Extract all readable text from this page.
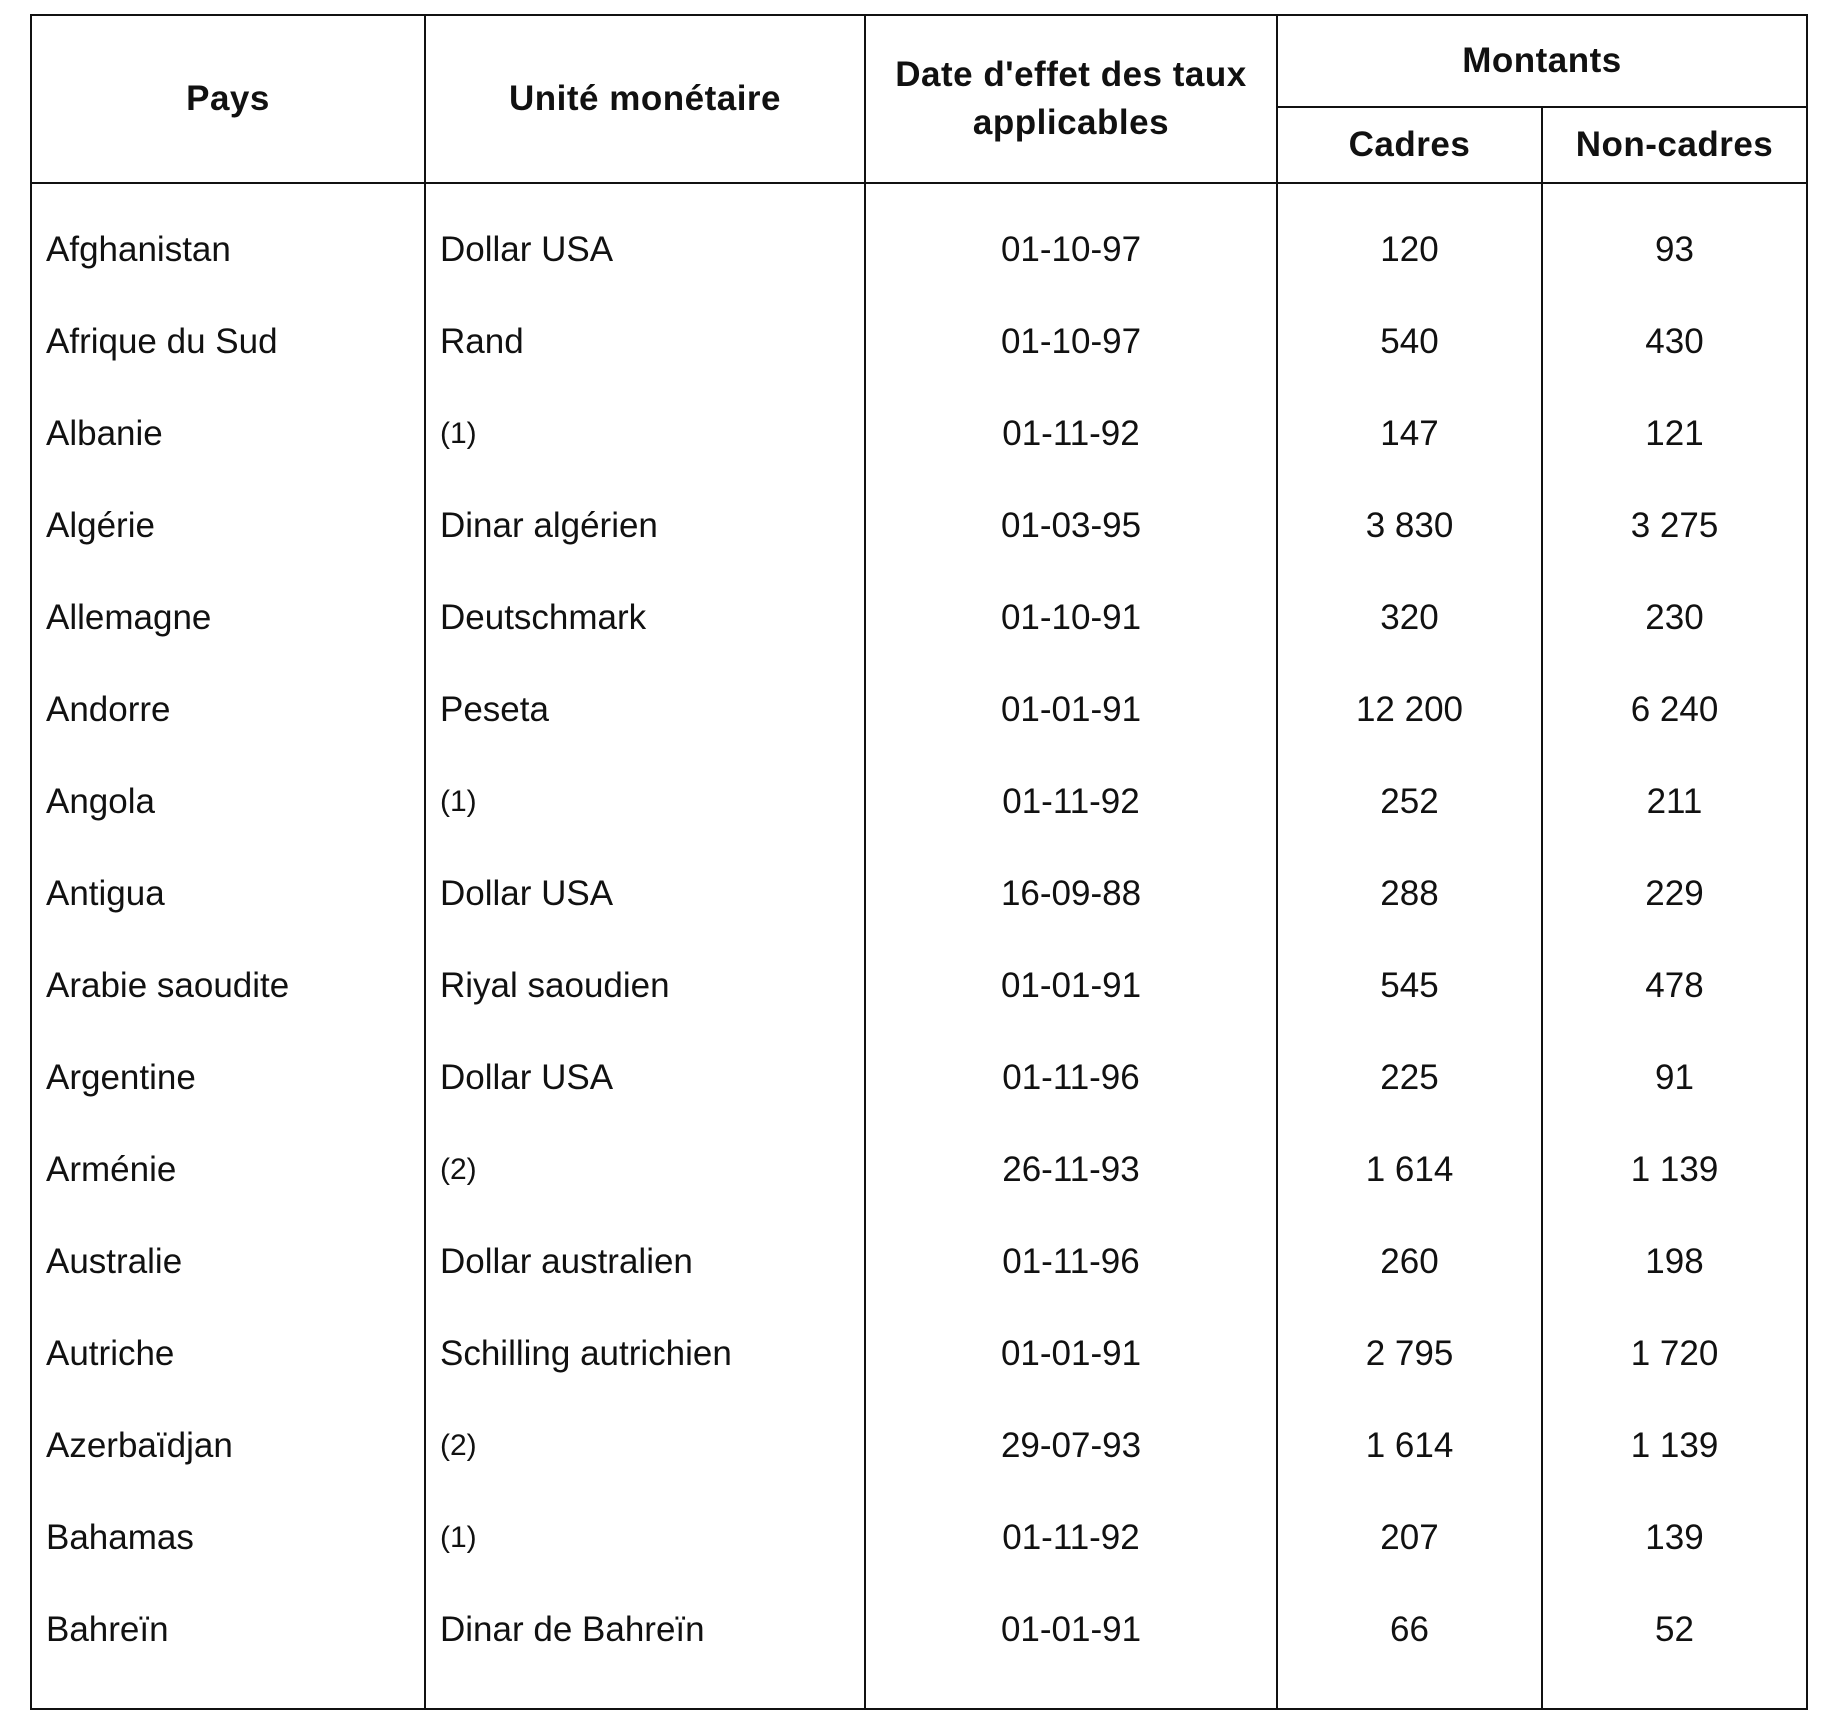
Pays	Unité monétaire	Date d'effet des taux applicables	Montants	
			Cadres	Non-cadres

Afghanistan	Dollar USA	01-10-97	120	93
Afrique du Sud	Rand	01-10-97	540	430
Albanie	(1)	01-11-92	147	121
Algérie	Dinar algérien	01-03-95	3 830	3 275
Allemagne	Deutschmark	01-10-91	320	230
Andorre	Peseta	01-01-91	12 200	6 240
Angola	(1)	01-11-92	252	211
Antigua	Dollar USA	16-09-88	288	229
Arabie saoudite	Riyal saoudien	01-01-91	545	478
Argentine	Dollar USA	01-11-96	225	91
Arménie	(2)	26-11-93	1 614	1 139
Australie	Dollar australien	01-11-96	260	198
Autriche	Schilling autrichien	01-01-91	2 795	1 720
Azerbaïdjan	(2)	29-07-93	1 614	1 139
Bahamas	(1)	01-11-92	207	139
Bahreïn	Dinar de Bahreïn	01-01-91	66	52
